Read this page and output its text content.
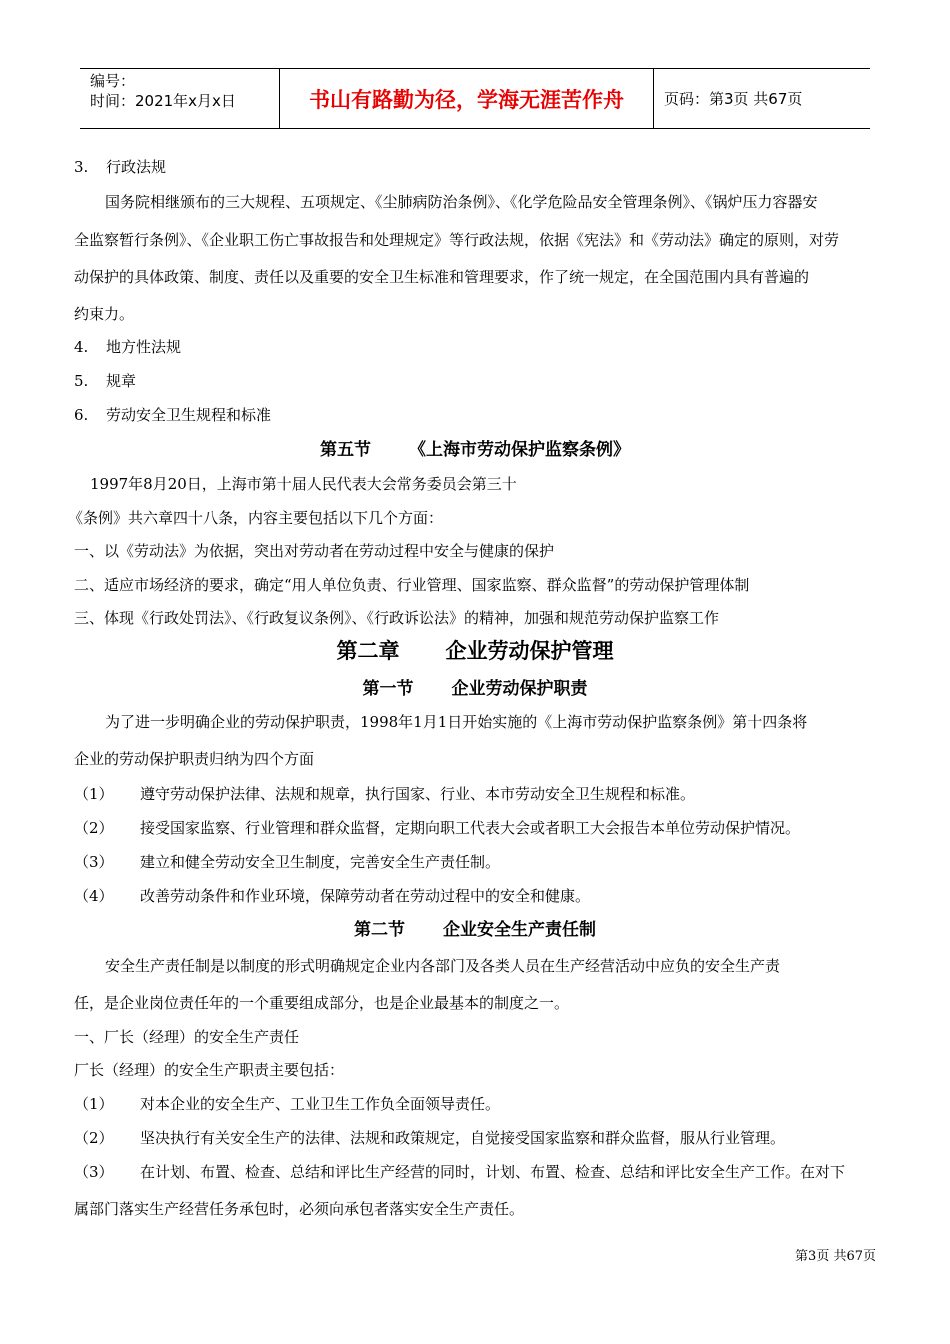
编号：
时间：2021年x月x日	书山有路勤为径，学海无涯苦作舟	页码：第3页 共67页
3. 行政法规
国务院相继颁布的三大规程、五项规定、《尘肺病防治条例》、《化学危险品安全管理条例》、《锅炉压力容器安
全监察暂行条例》、《企业职工伤亡事故报告和处理规定》等行政法规，依据《宪法》和《劳动法》确定的原则，对劳
动保护的具体政策、制度、责任以及重要的安全卫生标准和管理要求，作了统一规定，在全国范围内具有普遍的
约束力。
4. 地方性法规
5. 规章
6. 劳动安全卫生规程和标准
第五节 《上海市劳动保护监察条例》
1997年8月20日，上海市第十届人民代表大会常务委员会第三十
《条例》共六章四十八条，内容主要包括以下几个方面：
一、以《劳动法》为依据，突出对劳动者在劳动过程中安全与健康的保护
二、适应市场经济的要求，确定“用人单位负责、行业管理、国家监察、群众监督”的劳动保护管理体制
三、体现《行政处罚法》、《行政复议条例》、《行政诉讼法》的精神，加强和规范劳动保护监察工作
第二章 企业劳动保护管理
第一节 企业劳动保护职责
为了进一步明确企业的劳动保护职责，1998年1月1日开始实施的《上海市劳动保护监察条例》第十四条将
企业的劳动保护职责归纳为四个方面
（1） 遵守劳动保护法律、法规和规章，执行国家、行业、本市劳动安全卫生规程和标准。
（2） 接受国家监察、行业管理和群众监督，定期向职工代表大会或者职工大会报告本单位劳动保护情况。
（3） 建立和健全劳动安全卫生制度，完善安全生产责任制。
（4） 改善劳动条件和作业环境，保障劳动者在劳动过程中的安全和健康。
第二节 企业安全生产责任制
安全生产责任制是以制度的形式明确规定企业内各部门及各类人员在生产经营活动中应负的安全生产责
任，是企业岗位责任年的一个重要组成部分，也是企业最基本的制度之一。
一、厂长（经理）的安全生产责任
厂长（经理）的安全生产职责主要包括：
（1） 对本企业的安全生产、工业卫生工作负全面领导责任。
（2） 坚决执行有关安全生产的法律、法规和政策规定，自觉接受国家监察和群众监督，服从行业管理。
（3） 在计划、布置、检查、总结和评比生产经营的同时，计划、布置、检查、总结和评比安全生产工作。在对下
属部门落实生产经营任务承包时，必须向承包者落实安全生产责任。
第3页 共67页
